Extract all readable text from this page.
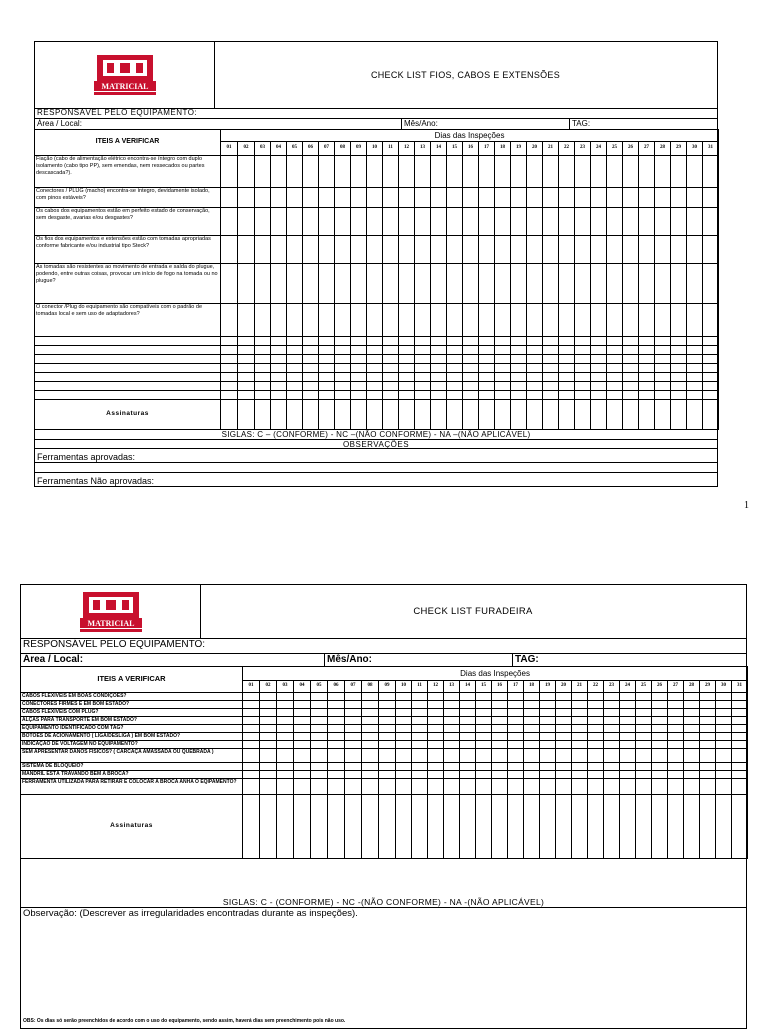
MATRICIAL
CHECK LIST FIOS, CABOS E EXTENSÕES
RESPONSÁVEL PELO EQUIPAMENTO:
Área / Local:	Mês/Ano:	TAG:
ITEIS A VERIFICAR	Dias das Inspeções																														
	01	02	03	04	05	06	07	08	09	10	11	12	13	14	15	16	17	18	19	20	21	22	23	24	25	26	27	28	29	30	31
Fiação (cabo de alimentação elétrico encontra-se íntegro com duplo isolamento (cabo tipo PP), sem emendas, nem ressecados ou partes descascada?).																															
Conectores / PLUG (macho) encontra-se íntegro, devidamente isolado, com pinos estáveis?																															
Os cabos dos equipamentos estão em perfeito estado de conservação, sem desgaste, avarias e/ou desgastes?																															
Os fios dos equipamentos e extensões estão com tomadas apropriadas conforme fabricante e/ou industrial tipo Steck?																															
As tomadas são resistentes ao movimento de entrada e saída do plugue, podendo, entre outras coisas, provocar um início de fogo na tomada ou no plugue?																															
O conector /Plug do equipamento são compatíveis com o padrão de tomadas local e sem uso de adaptadores?																															

Assinaturas																															
SIGLAS: C – (CONFORME) - NC –(NÃO CONFORME) - NA –(NÃO APLICÁVEL)
OBSERVAÇÕES
Ferramentas aprovadas:
Ferramentas Não aprovadas:
1
MATRICIAL
CHECK LIST FURADEIRA
RESPONSÁVEL PELO EQUIPAMENTO:
Área / Local:	Mês/Ano:	TAG:
ITEIS A VERIFICAR	Dias das Inspeções																														
	01	02	03	04	05	06	07	08	09	10	11	12	13	14	15	16	17	18	19	20	21	22	23	24	25	26	27	28	29	30	31
CABOS FLEXIVEIS EM BOAS CONDIÇÕES?																															
CONECTORES FIRMES E EM BOM ESTADO?																															
CABOS FLEXIVEIS COM PLUG?																															
ALÇAS PARA TRANSPORTE EM BOM ESTADO?																															
EQUIPAMENTO IDENTIFICADO COM TAG?																															
BOTÕES DE ACIONAMENTO ( LIGA/DESLIGA ) EM BOM ESTADO?																															
INDICAÇÃO DE VOLTAGEM NO EQUIPAMENTO?																															
SEM APRESENTAR DANOS FÍSICOS? ( CARCAÇA AMASSADA OU QUEBRADA )																															
SISTEMA DE BLOQUEIO?																															
MANDRIL ESTÁ TRAVANDO BEM A BROCA?																															
FERRAMENTA UTILIZADA PARA RETIRAR E COLOCAR A BROCA ANHA O EQIPAMENTO?																															
Assinaturas																															
SIGLAS: C - (CONFORME) - NC -(NÃO CONFORME) - NA -(NÃO APLICÁVEL)
Observação: (Descrever as irregularidades encontradas durante as inspeções).
OBS: Os dias só serão preenchidos de acordo com o uso do equipamento, sendo assim, haverá dias sem preenchimento pois não uso.
